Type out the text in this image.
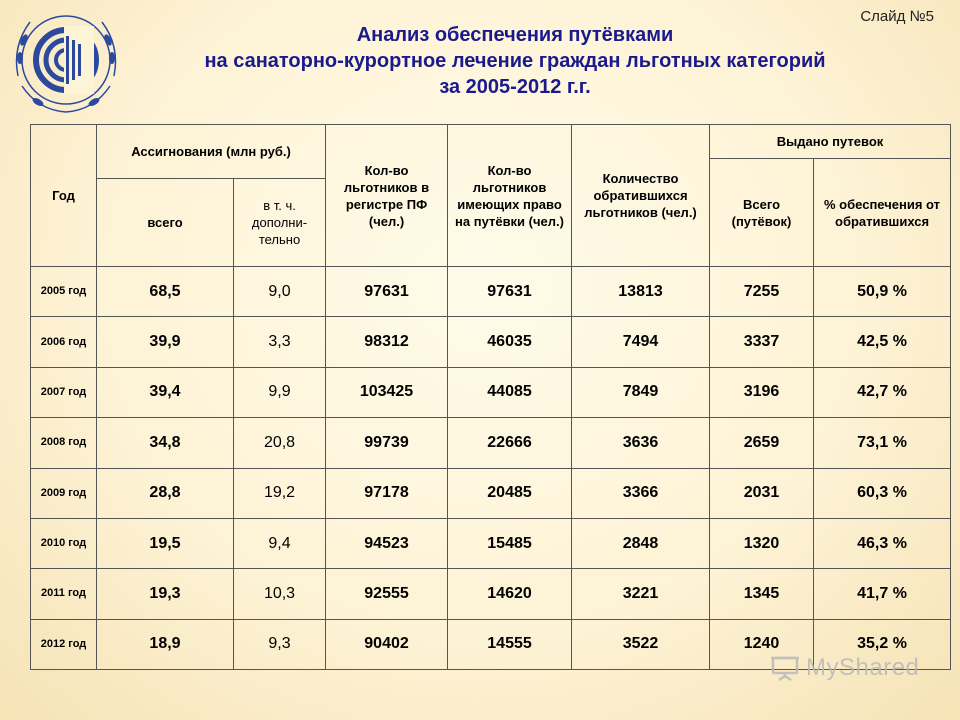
Слайд №5
Анализ обеспечения путёвками
на санаторно-курортное лечение граждан льготных категорий
за 2005-2012 г.г.
Год	Ассигнования (млн руб.)		Кол-во льготников в регистре ПФ (чел.)	Кол-во льготников имеющих право на путёвки (чел.)	Количество обратившихся льготников (чел.)	Выдано путевок	
						Всего (путёвок)	% обеспечения от обратившихся
	всего	в т. ч. дополни-тельно					
2005 год	68,5	9,0	97631	97631	13813	7255	50,9 %
2006 год	39,9	3,3	98312	46035	7494	3337	42,5 %
2007 год	39,4	9,9	103425	44085	7849	3196	42,7 %
2008 год	34,8	20,8	99739	22666	3636	2659	73,1 %
2009 год	28,8	19,2	97178	20485	3366	2031	60,3 %
2010 год	19,5	9,4	94523	15485	2848	1320	46,3 %
2011 год	19,3	10,3	92555	14620	3221	1345	41,7 %
2012 год	18,9	9,3	90402	14555	3522	1240	35,2 %
MyShared
